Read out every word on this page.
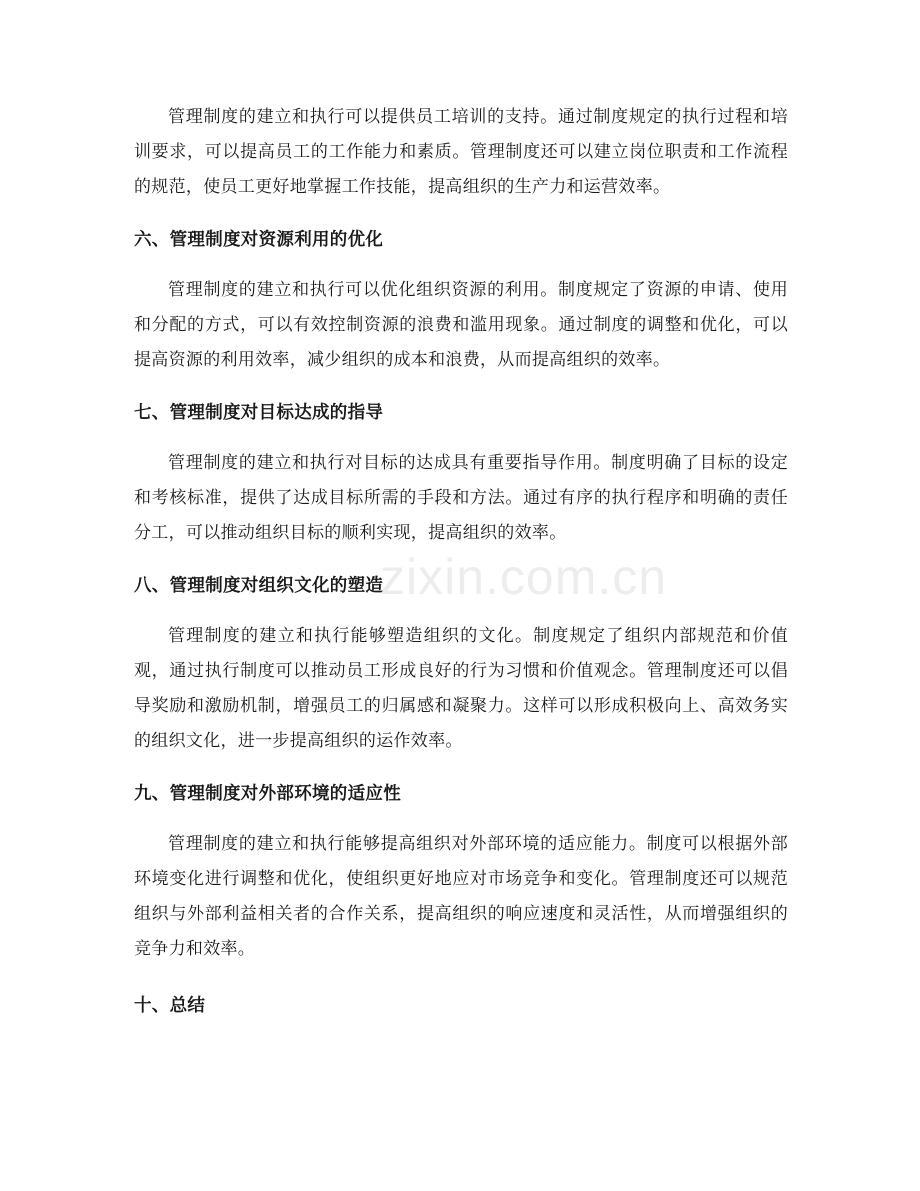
管理制度的建立和执行可以提供员工培训的支持。通过制度规定的执行过程和培训要求，可以提高员工的工作能力和素质。管理制度还可以建立岗位职责和工作流程的规范，使员工更好地掌握工作技能，提高组织的生产力和运营效率。

六、管理制度对资源利用的优化

管理制度的建立和执行可以优化组织资源的利用。制度规定了资源的申请、使用和分配的方式，可以有效控制资源的浪费和滥用现象。通过制度的调整和优化，可以提高资源的利用效率，减少组织的成本和浪费，从而提高组织的效率。

七、管理制度对目标达成的指导

管理制度的建立和执行对目标的达成具有重要指导作用。制度明确了目标的设定和考核标准，提供了达成目标所需的手段和方法。通过有序的执行程序和明确的责任分工，可以推动组织目标的顺利实现，提高组织的效率。

八、管理制度对组织文化的塑造

管理制度的建立和执行能够塑造组织的文化。制度规定了组织内部规范和价值观，通过执行制度可以推动员工形成良好的行为习惯和价值观念。管理制度还可以倡导奖励和激励机制，增强员工的归属感和凝聚力。这样可以形成积极向上、高效务实的组织文化，进一步提高组织的运作效率。

九、管理制度对外部环境的适应性

管理制度的建立和执行能够提高组织对外部环境的适应能力。制度可以根据外部环境变化进行调整和优化，使组织更好地应对市场竞争和变化。管理制度还可以规范组织与外部利益相关者的合作关系，提高组织的响应速度和灵活性，从而增强组织的竞争力和效率。

十、总结
zixin.com.cn
